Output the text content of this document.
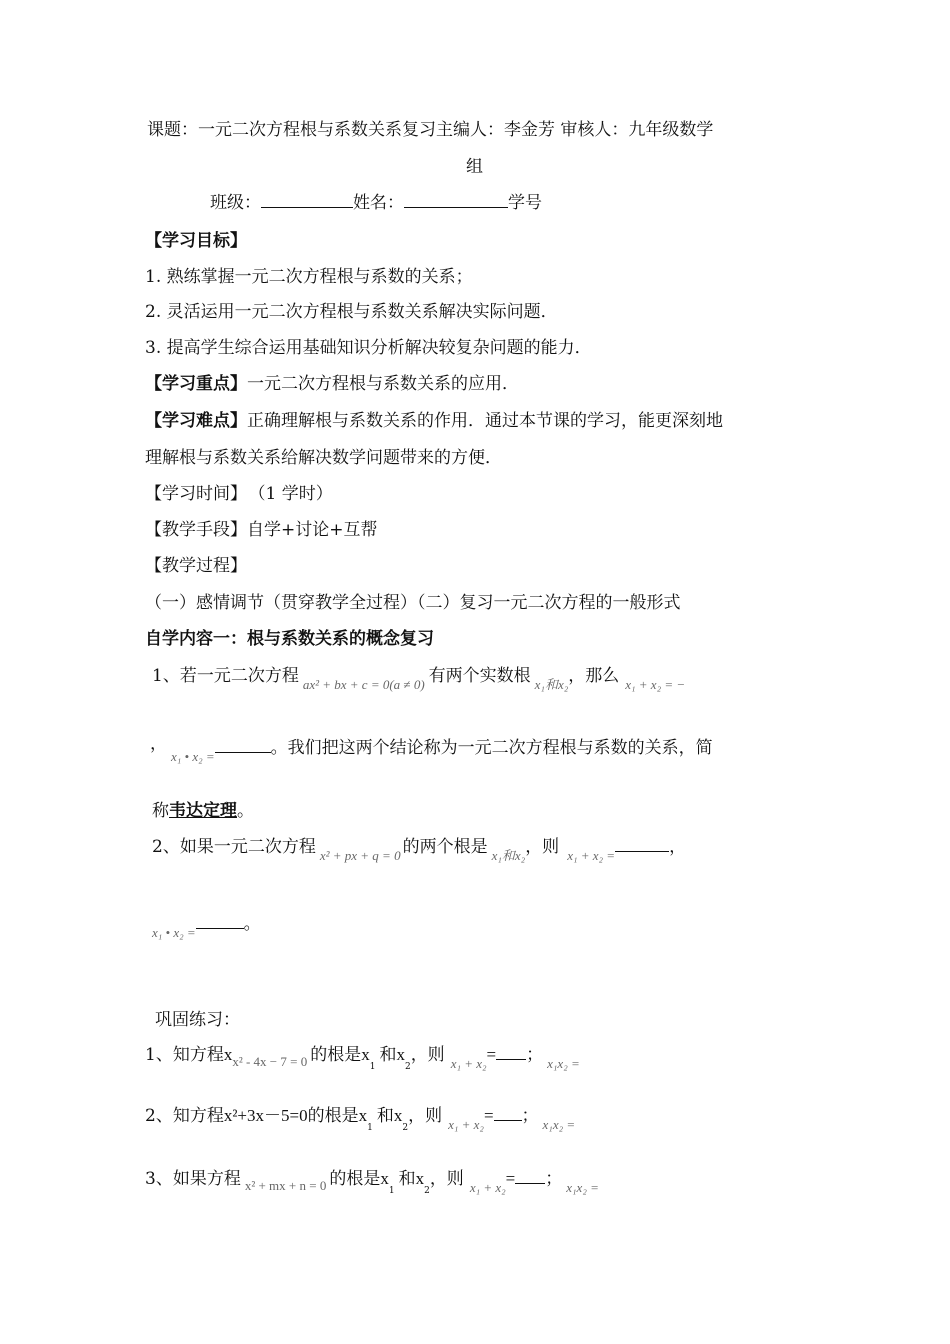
课题：一元二次方程根与系数关系复习主编人：李金芳 审核人：九年级数学
组
班级：	姓名：	学号
【学习目标】
1. 熟练掌握一元二次方程根与系数的关系；
2. 灵活运用一元二次方程根与系数关系解决实际问题．
3. 提高学生综合运用基础知识分析解决较复杂问题的能力．
【学习重点】一元二次方程根与系数关系的应用．
【学习难点】正确理解根与系数关系的作用．通过本节课的学习，能更深刻地
理解根与系数关系给解决数学问题带来的方便．
【学习时间】 （1 学时）
【教学手段】自学+讨论+互帮
【教学过程】
（一）感情调节（贯穿教学全过程）（二）复习一元二次方程的一般形式
自学内容一：根与系数关系的概念复习
1、若一元二次方程 $_{ax^2 + bx + c = 0(a \ne 0)}$ 有两个实数根 $_{x_1和x_2}$，那么 $_{x_1 + x_2 = -}$
，$_{x_1 • x_2 =}$	。我们把这两个结论称为一元二次方程根与系数的关系，简
称韦达定理。
2、如果一元二次方程 $_{x^2 + px + q = 0}$ 的两个根是 $_{x_1和x_2}$，则 $_{x_1 + x_2 =}$	，
$_{x_1 • x_2 =}$	。
巩固练习：
1、知方程$x_{x^2 - 4x - 7 = 0}$ 的根是$x_1$和$x_2$，则 $_{x_1 + x_2}$= ； $_{x_1x_2 =}$
2、知方程x²+3x－5=0的根是$x_1$和$x_2$，则 $_{x_1 + x_2}$= ； $_{x_1x_2 =}$
3、如果方程 $_{x^2 + mx + n = 0}$ 的根是$x_1$和$x_2$，则 $_{x_1 + x_2}$= ； $_{x_1x_2 =}$
